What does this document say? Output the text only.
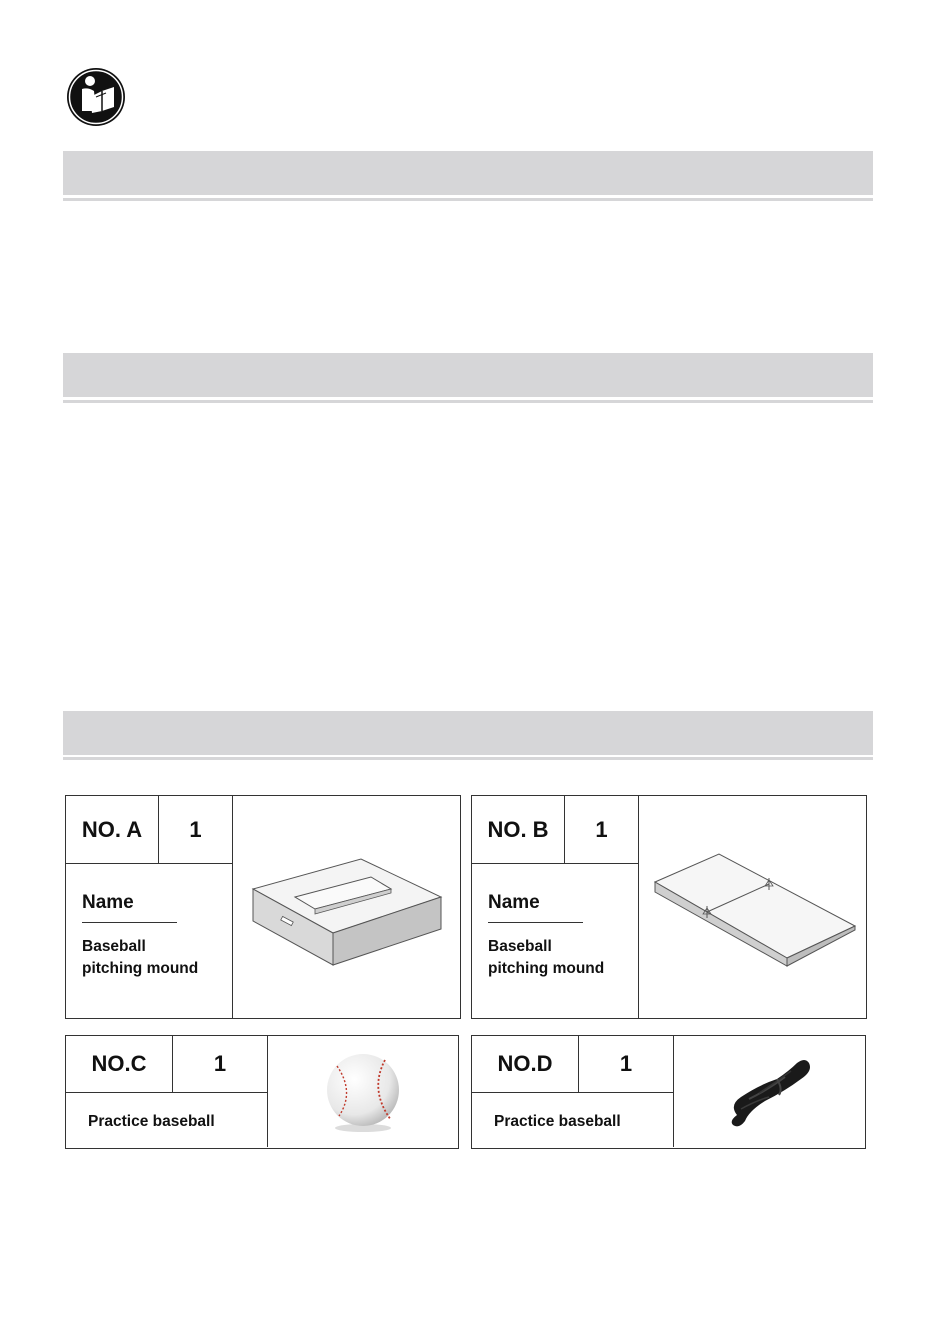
NO. A	1
Name
Baseball
pitching mound
NO. B	1
Name
Baseball
pitching mound
NO.C	1
Practice baseball
NO.D	1
Practice baseball
